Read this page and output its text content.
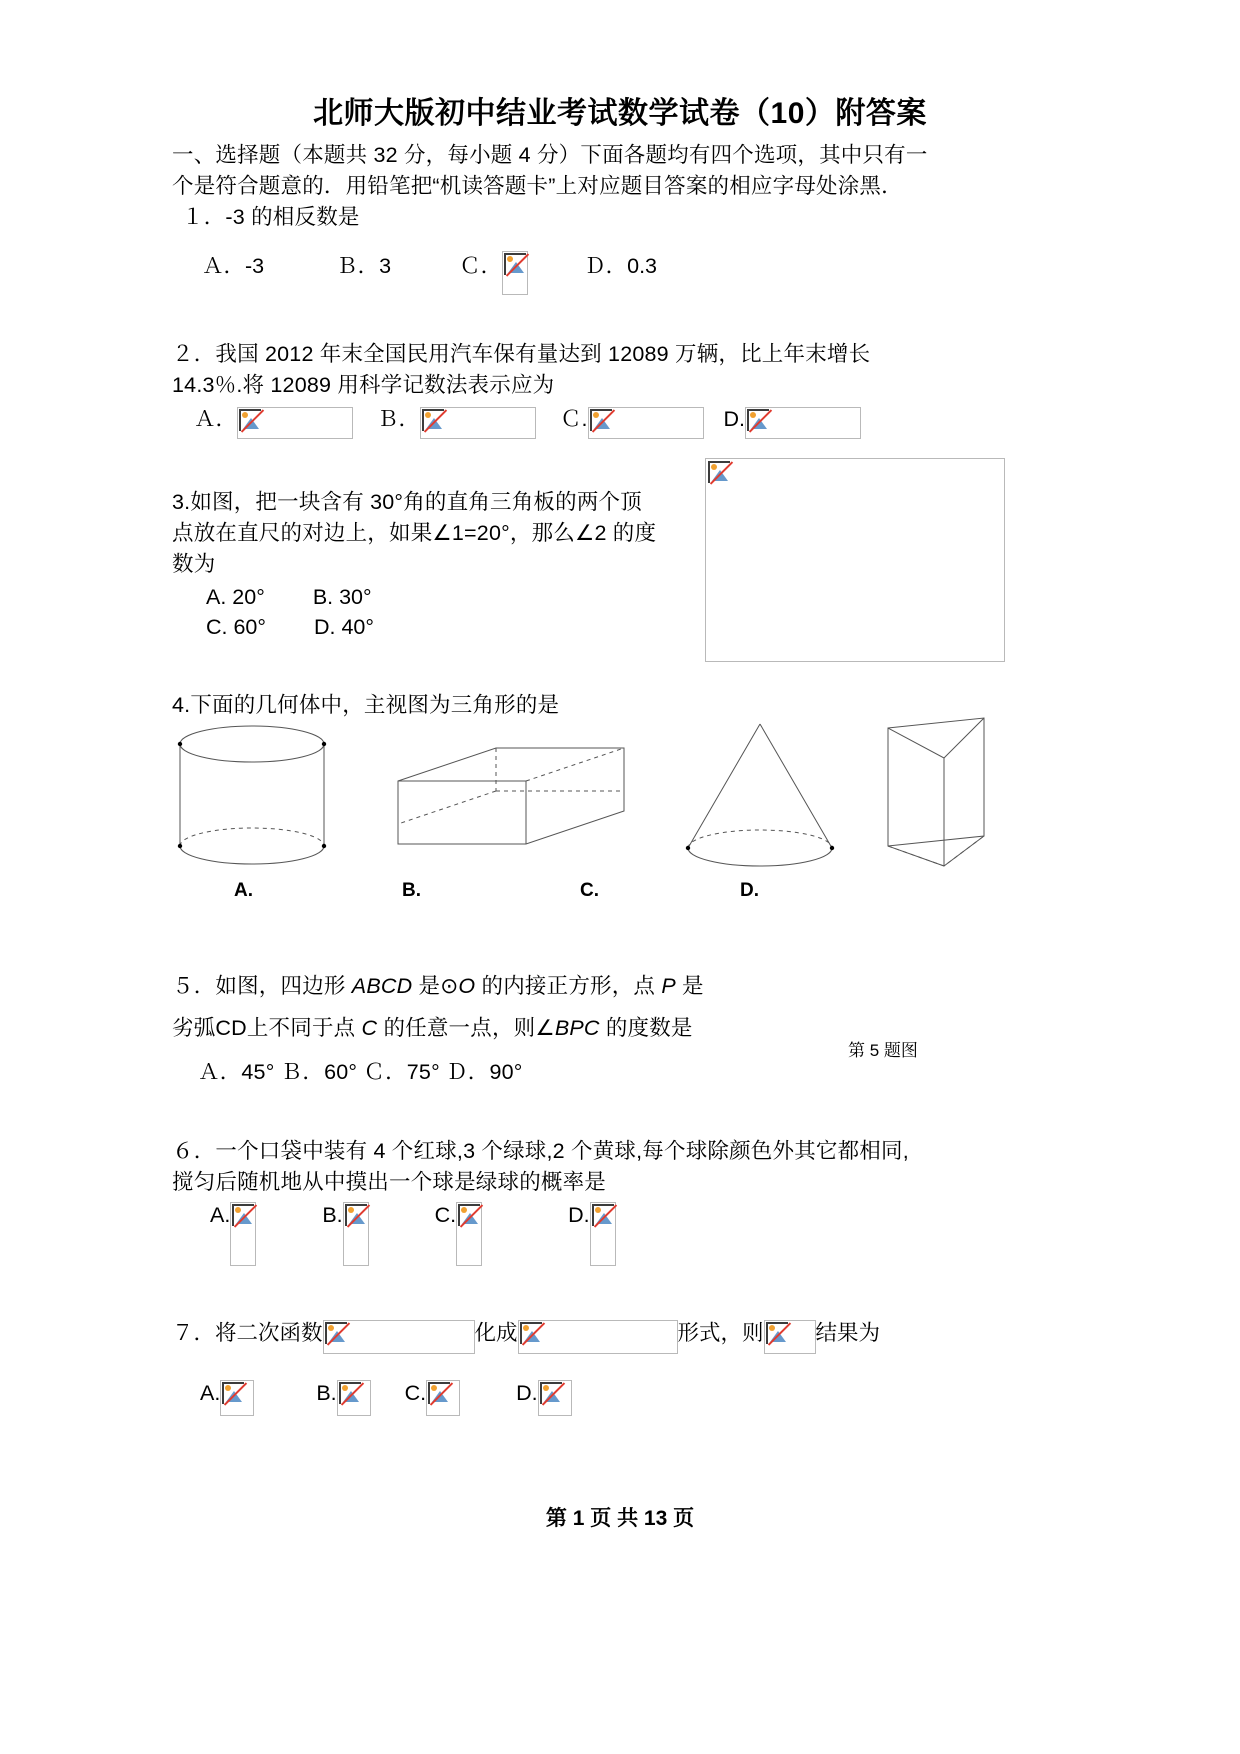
北师大版初中结业考试数学试卷（10）附答案
一、选择题（本题共 32 分，每小题 4 分）下面各题均有四个选项，其中只有一
个是符合题意的．用铅笔把“机读答题卡”上对应题目答案的相应字母处涂黑．
１．-3 的相反数是
Ａ．-3	Ｂ．3	Ｃ．	Ｄ．0.3
２．我国 2012 年末全国民用汽车保有量达到 12089 万辆，比上年末增长
14.3％.将 12089 用科学记数法表示应为
Ａ．	Ｂ．	Ｃ.	D.
3.如图，把一块含有 30°角的直角三角板的两个顶
点放在直尺的对边上，如果∠1=20°，那么∠2 的度
数为
A. 20° B. 30°
C. 60° D. 40°
4.下面的几何体中，主视图为三角形的是
５．如图，四边形 ABCD 是⊙O 的内接正方形，点 P 是
劣弧CD上不同于点 C 的任意一点，则∠BPC 的度数是
Ａ．45° Ｂ．60° Ｃ．75° Ｄ．90°
６．一个口袋中装有 4 个红球,3 个绿球,2 个黄球,每个球除颜色外其它都相同,
搅匀后随机地从中摸出一个球是绿球的概率是
A.	B.	C.	D.
７．将二次函数	化成	形式，则 结果为
A.	B.	C.	D.
A.	B.	C.	D.
第 5 题图
第 1 页 共 13 页
